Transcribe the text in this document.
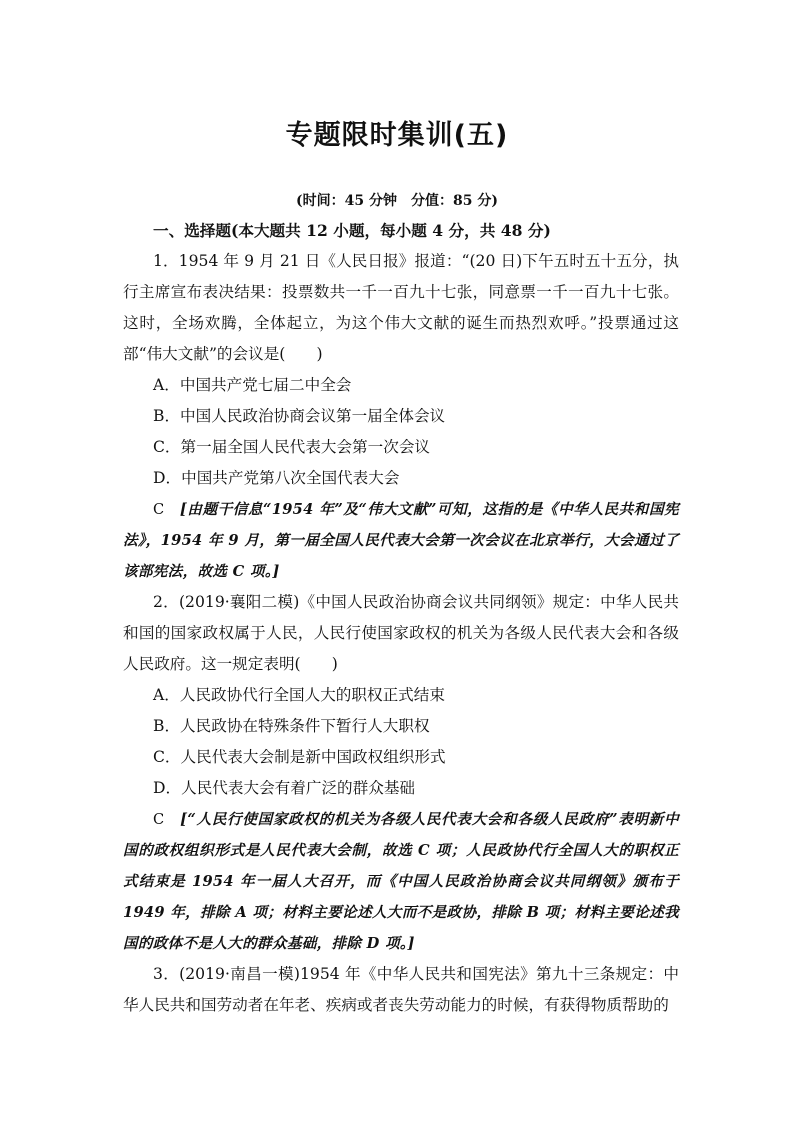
专题限时集训(五)
(时间：45 分钟　分值：85 分)

一、选择题(本大题共 12 小题，每小题 4 分，共 48 分)

1．1954 年 9 月 21 日《人民日报》报道：“(20 日)下午五时五十五分，执行主席宣布表决结果：投票数共一千一百九十七张，同意票一千一百九十七张。这时，全场欢腾，全体起立，为这个伟大文献的诞生而热烈欢呼。”投票通过这部“伟大文献”的会议是(　　)

A．中国共产党七届二中全会

B．中国人民政治协商会议第一届全体会议

C．第一届全国人民代表大会第一次会议

D．中国共产党第八次全国代表大会

C　 [由题干信息“1954 年”及“伟大文献”可知，这指的是《中华人民共和国宪法》，1954 年 9 月，第一届全国人民代表大会第一次会议在北京举行，大会通过了该部宪法，故选 C 项。]

2．(2019·襄阳二模)《中国人民政治协商会议共同纲领》规定：中华人民共和国的国家政权属于人民，人民行使国家政权的机关为各级人民代表大会和各级人民政府。这一规定表明(　　)

A．人民政协代行全国人大的职权正式结束

B．人民政协在特殊条件下暂行人大职权

C．人民代表大会制是新中国政权组织形式

D．人民代表大会有着广泛的群众基础

C　 [“人民行使国家政权的机关为各级人民代表大会和各级人民政府”表明新中国的政权组织形式是人民代表大会制，故选 C 项；人民政协代行全国人大的职权正式结束是 1954 年一届人大召开，而《中国人民政治协商会议共同纲领》颁布于 1949 年，排除 A 项；材料主要论述人大而不是政协，排除 B 项；材料主要论述我国的政体不是人大的群众基础，排除 D 项。]

3．(2019·南昌一模)1954 年《中华人民共和国宪法》第九十三条规定：中华人民共和国劳动者在年老、疾病或者丧失劳动能力的时候，有获得物质帮助的
